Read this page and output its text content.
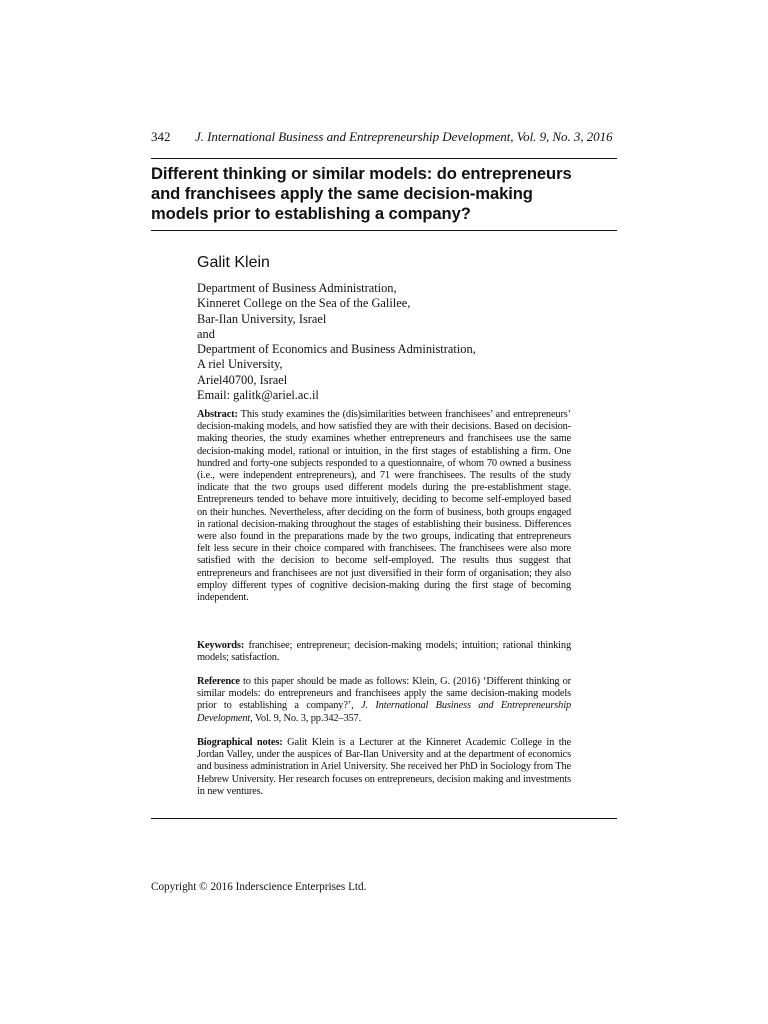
342 J. International Business and Entrepreneurship Development, Vol. 9, No. 3, 2016
Different thinking or similar models: do entrepreneurs
and franchisees apply the same decision-making
models prior to establishing a company?
Galit Klein
Department of Business Administration,
Kinneret College on the Sea of the Galilee,
Bar-Ilan University, Israel
and
Department of Economics and Business Administration,
A riel University,
Ariel40700, Israel
Email: galitk@ariel.ac.il
Abstract: This study examines the (dis)similarities between franchisees’ and entrepreneurs’ decision-making models, and how satisfied they are with their decisions. Based on decision-making theories, the study examines whether entrepreneurs and franchisees use the same decision-making model, rational or intuition, in the first stages of establishing a firm. One hundred and forty-one subjects responded to a questionnaire, of whom 70 owned a business (i.e., were independent entrepreneurs), and 71 were franchisees. The results of the study indicate that the two groups used different models during the pre-establishment stage. Entrepreneurs tended to behave more intuitively, deciding to become self-employed based on their hunches. Nevertheless, after deciding on the form of business, both groups engaged in rational decision-making throughout the stages of establishing their business. Differences were also found in the preparations made by the two groups, indicating that entrepreneurs felt less secure in their choice compared with franchisees. The franchisees were also more satisfied with the decision to become self-employed. The results thus suggest that entrepreneurs and franchisees are not just diversified in their form of organisation; they also employ different types of cognitive decision-making during the first stage of becoming independent.
Keywords: franchisee; entrepreneur; decision-making models; intuition; rational thinking models; satisfaction.
Reference to this paper should be made as follows: Klein, G. (2016) ‘Different thinking or similar models: do entrepreneurs and franchisees apply the same decision-making models prior to establishing a company?’, J. International Business and Entrepreneurship Development, Vol. 9, No. 3, pp.342–357.
Biographical notes: Galit Klein is a Lecturer at the Kinneret Academic College in the Jordan Valley, under the auspices of Bar-Ilan University and at the department of economics and business administration in Ariel University. She received her PhD in Sociology from The Hebrew University. Her research focuses on entrepreneurs, decision making and investments in new ventures.
Copyright © 2016 Inderscience Enterprises Ltd.
